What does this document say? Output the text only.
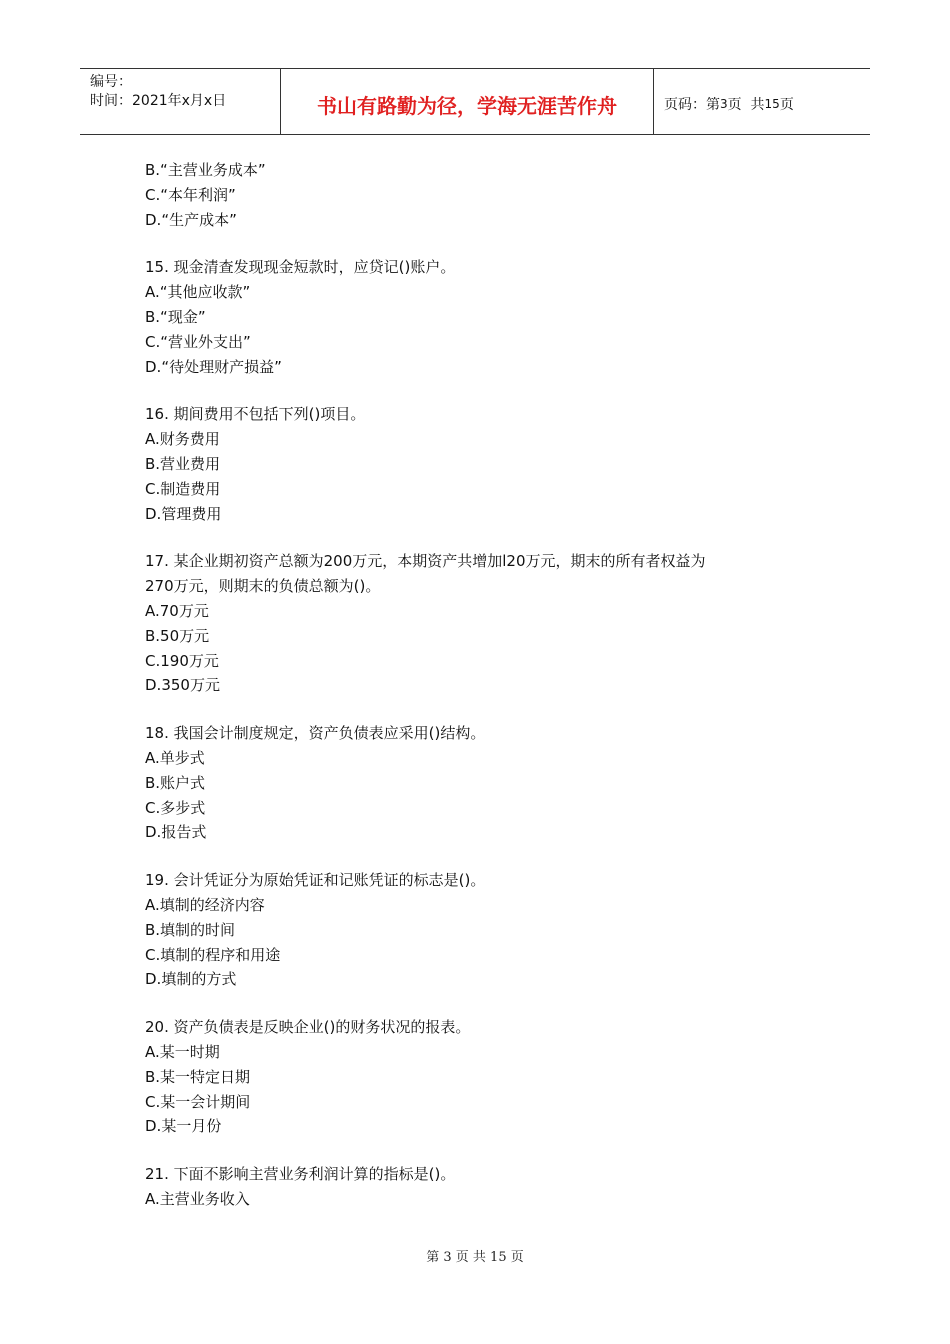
编号：
时间：2021年x月x日	书山有路勤为径，学海无涯苦作舟	页码：第 3 页  共 15 页
B.“主营业务成本”
C.“本年利润”
D.“生产成本”
15. 现金清查发现现金短款时，应贷记()账户。
A.“其他应收款”
B.“现金”
C.“营业外支出”
D.“待处理财产损益”
16. 期间费用不包括下列()项目。
A.财务费用
B.营业费用
C.制造费用
D.管理费用
17. 某企业期初资产总额为200万元，本期资产共增加l20万元，期末的所有者权益为
270万元，则期末的负债总额为()。
A.70万元
B.50万元
C.190万元
D.350万元
18. 我国会计制度规定，资产负债表应采用()结构。
A.单步式
B.账户式
C.多步式
D.报告式
19. 会计凭证分为原始凭证和记账凭证的标志是()。
A.填制的经济内容
B.填制的时间
C.填制的程序和用途
D.填制的方式
20. 资产负债表是反映企业()的财务状况的报表。
A.某一时期
B.某一特定日期
C.某一会计期间
D.某一月份
21. 下面不影响主营业务利润计算的指标是()。
A.主营业务收入
第 3 页 共 15 页
